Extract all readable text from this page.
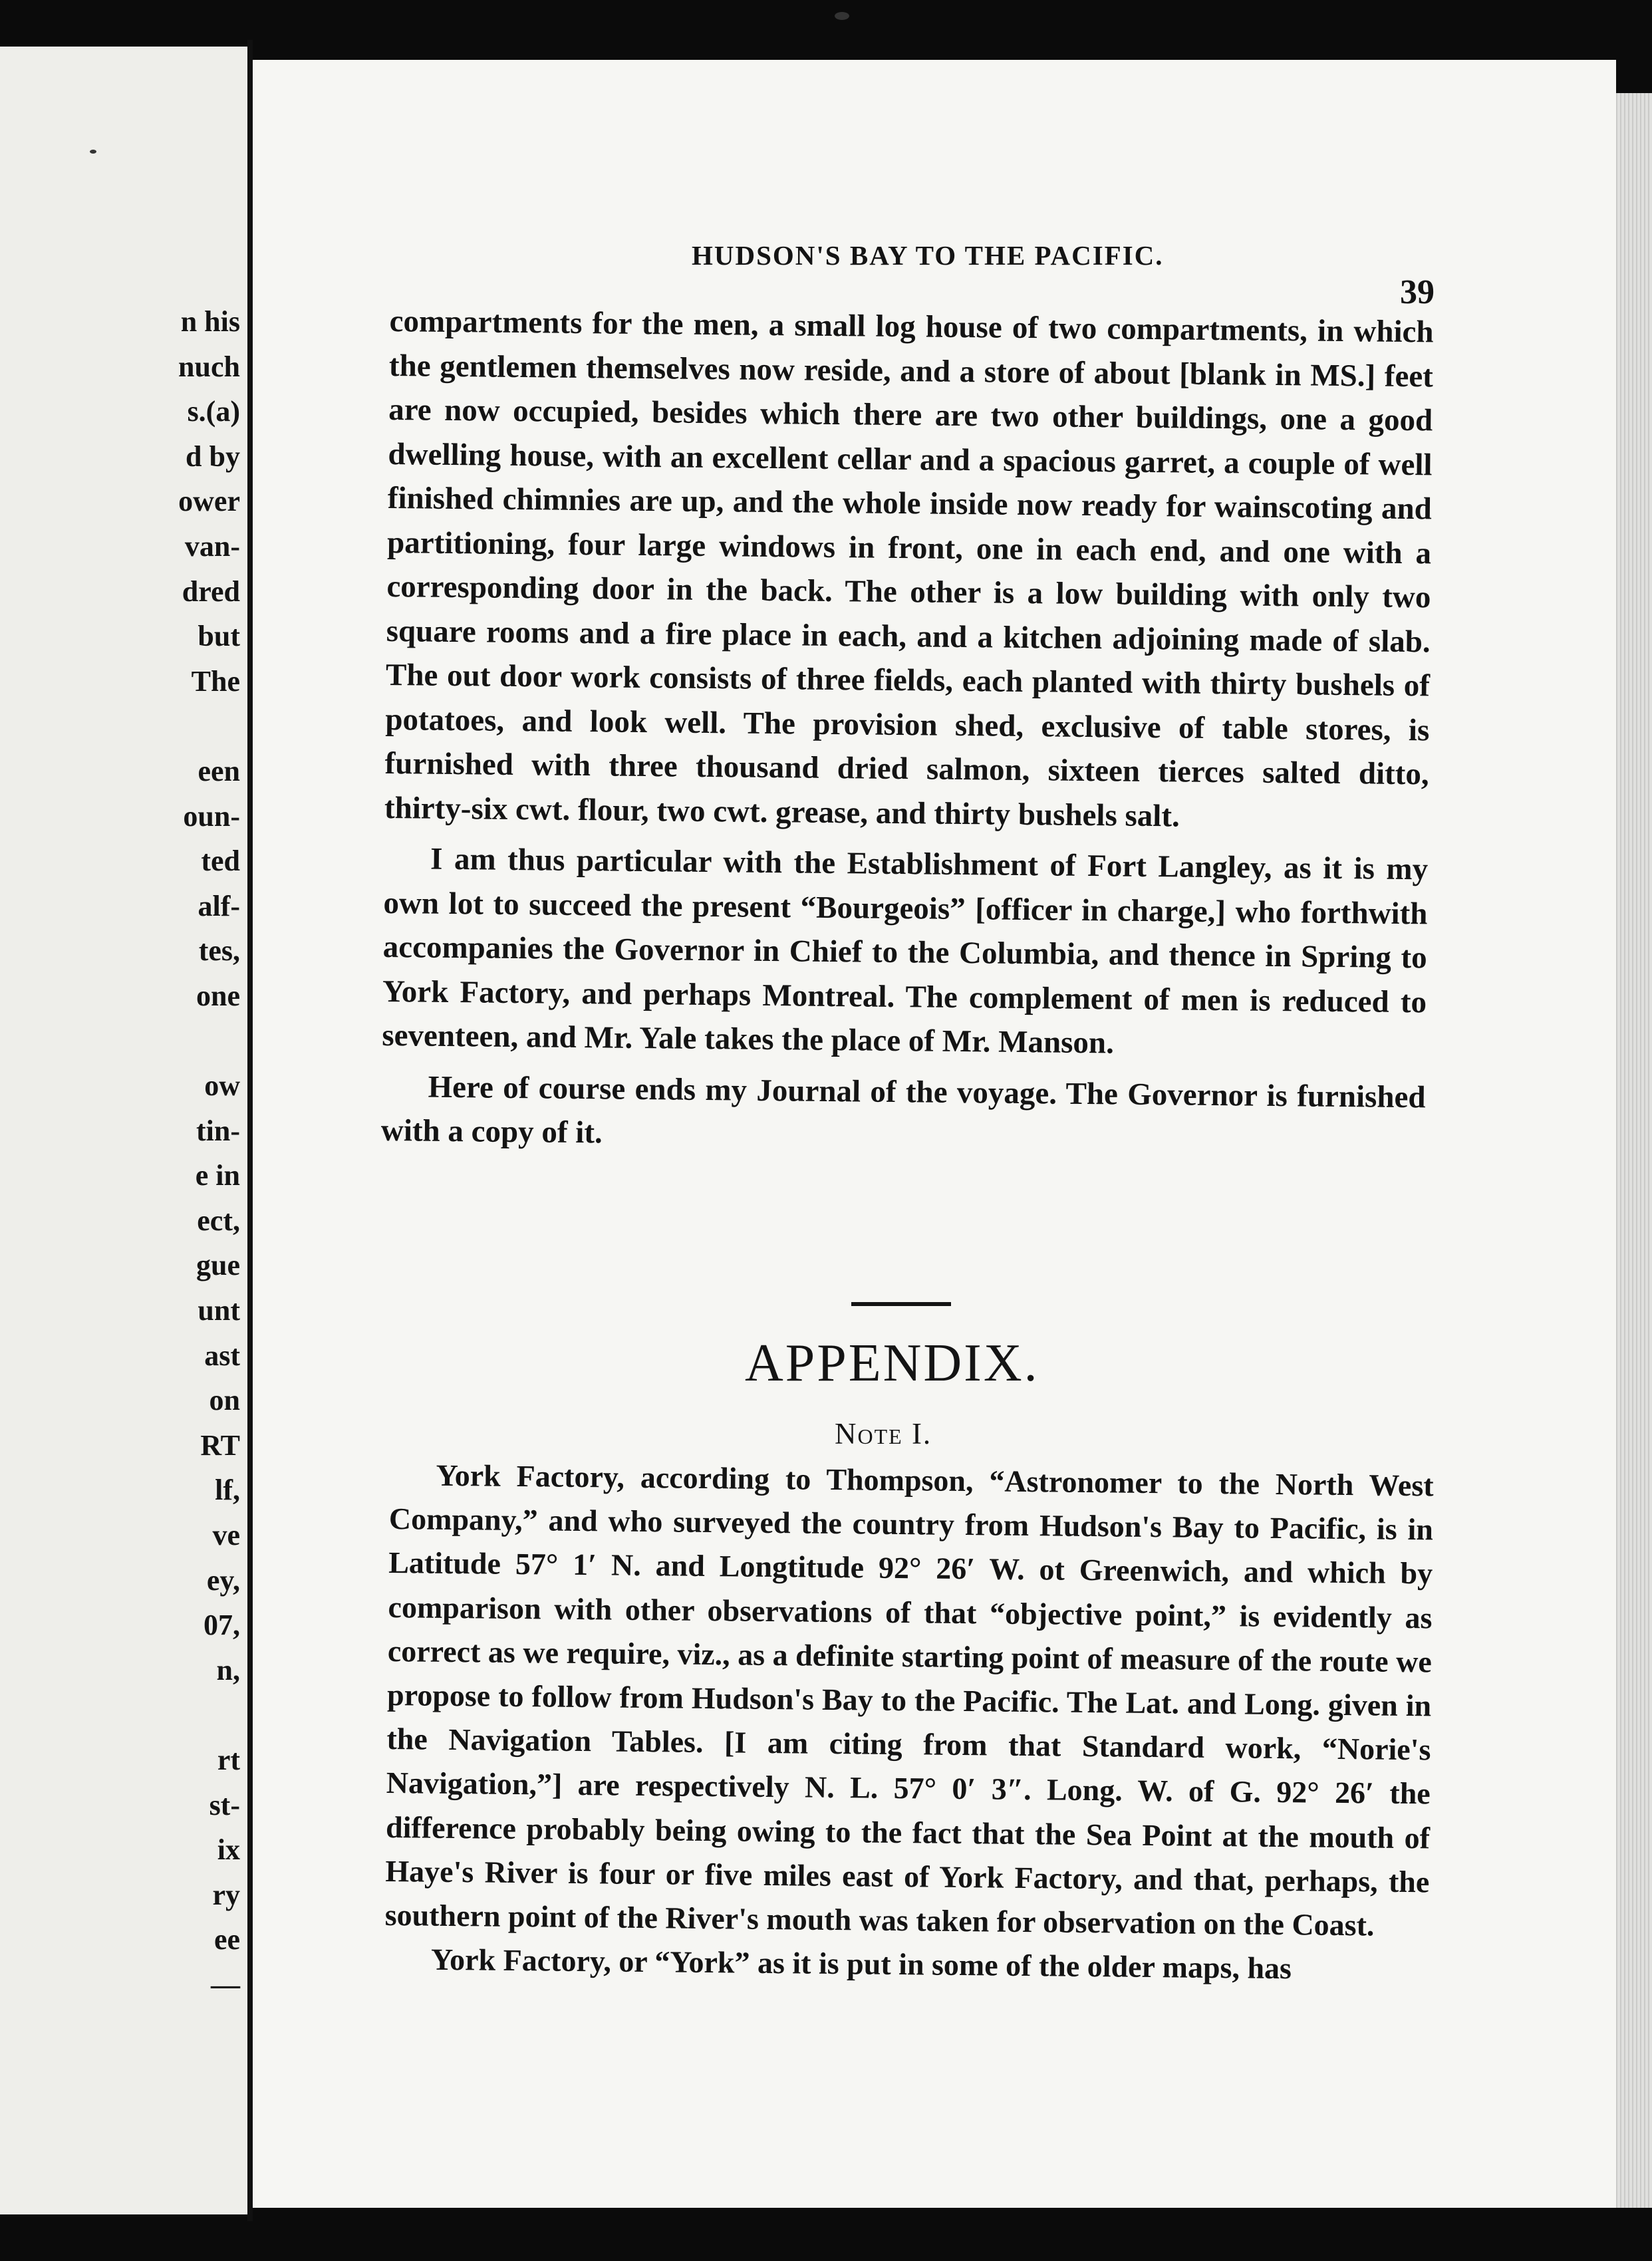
n his
nuch
s.(a)
d by
ower
van-
dred
but
The

een
oun-
ted
alf-
tes,
one

ow
tin-
e in
ect,
gue
unt
ast
on
RT
lf,
ve
ey,
07,
n,

rt
st-
ix
ry
ee
—
HUDSON'S BAY TO THE PACIFIC.
39

compartments for the men, a small log house of two compartments, in which the gentlemen themselves now reside, and a store of about [blank in MS.] feet are now occupied, besides which there are two other buildings, one a good dwelling house, with an excellent cellar and a spacious garret, a couple of well finished chimnies are up, and the whole inside now ready for wainscoting and partitioning, four large windows in front, one in each end, and one with a corresponding door in the back. The other is a low building with only two square rooms and a fire place in each, and a kitchen adjoining made of slab. The out door work consists of three fields, each planted with thirty bushels of potatoes, and look well. The provision shed, exclusive of table stores, is furnished with three thousand dried salmon, sixteen tierces salted ditto, thirty-six cwt. flour, two cwt. grease, and thirty bushels salt.

I am thus particular with the Establishment of Fort Langley, as it is my own lot to succeed the present “Bourgeois” [officer in charge,] who forthwith accompanies the Governor in Chief to the Columbia, and thence in Spring to York Factory, and perhaps Montreal. The complement of men is reduced to seventeen, and Mr. Yale takes the place of Mr. Manson.

Here of course ends my Journal of the voyage. The Governor is furnished with a copy of it.

APPENDIX.
Note I.

York Factory, according to Thompson, “Astronomer to the North West Company,” and who surveyed the country from Hudson's Bay to Pacific, is in Latitude 57° 1′ N. and Longtitude 92° 26′ W. ot Greenwich, and which by comparison with other observations of that “objective point,” is evidently as correct as we require, viz., as a definite starting point of measure of the route we propose to follow from Hudson's Bay to the Pacific. The Lat. and Long. given in the Navigation Tables. [I am citing from that Standard work, “Norie's Navigation,”] are respectively N. L. 57° 0′ 3″. Long. W. of G. 92° 26′ the difference probably being owing to the fact that the Sea Point at the mouth of Haye's River is four or five miles east of York Factory, and that, perhaps, the southern point of the River's mouth was taken for observation on the Coast.

York Factory, or “York” as it is put in some of the older maps, has
